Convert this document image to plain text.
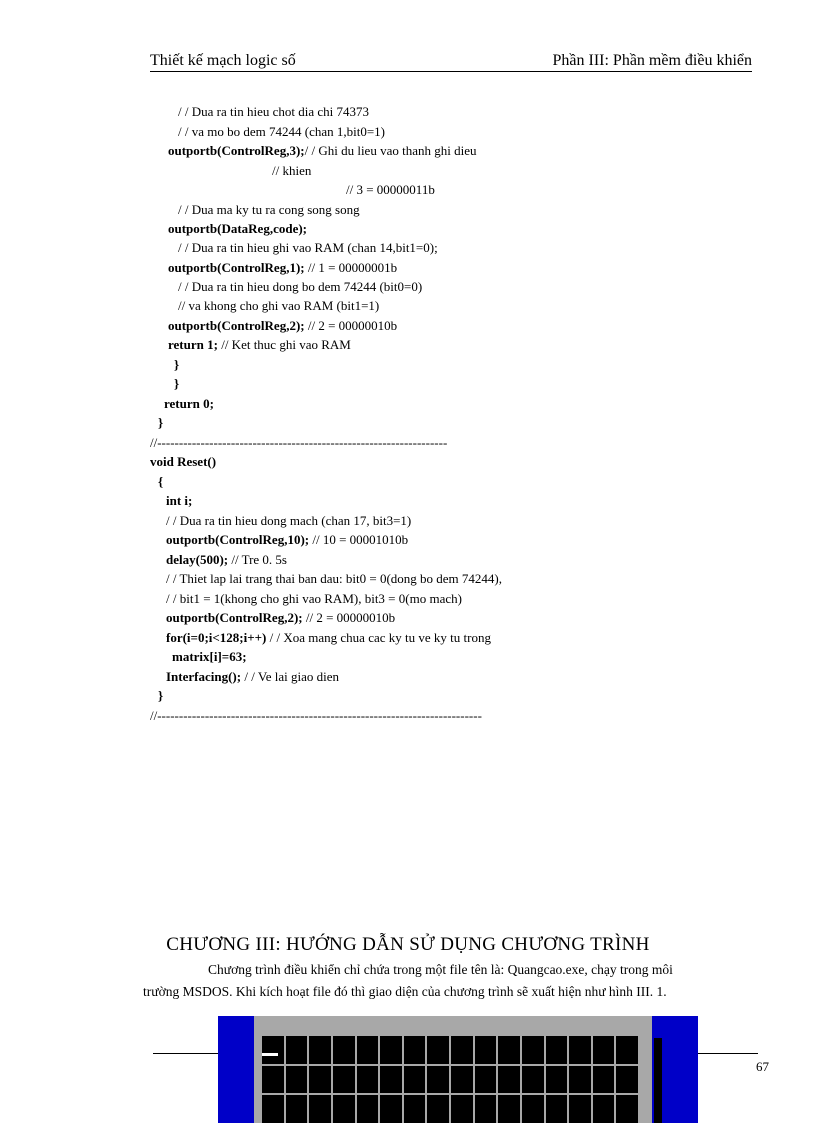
Thiết kế mạch logic số	Phần III: Phần mềm điều khiển
/ / Dua ra tin hieu chot dia chi 74373
/ / va mo bo dem 74244 (chan 1,bit0=1)
outportb(ControlReg,3);/ / Ghi du lieu vao thanh ghi dieu
// khien
// 3 = 00000011b
/ / Dua ma ky tu ra cong song song
outportb(DataReg,code);
/ / Dua ra tin hieu ghi vao RAM (chan 14,bit1=0);
outportb(ControlReg,1); // 1 = 00000001b
/ / Dua ra tin hieu dong bo dem 74244 (bit0=0)
// va khong cho ghi vao RAM (bit1=1)
outportb(ControlReg,2); // 2 = 00000010b
return 1; // Ket thuc ghi vao RAM
}
}
return 0;
}
//-------------------------------------------------------------------
void Reset()
{
int i;
/ / Dua ra tin hieu dong mach (chan 17, bit3=1)
outportb(ControlReg,10); // 10 = 00001010b
delay(500); // Tre 0. 5s
/ / Thiet lap lai trang thai ban dau: bit0 = 0(dong bo dem 74244),
/ / bit1 = 1(khong cho ghi vao RAM), bit3 = 0(mo mach)
outportb(ControlReg,2); // 2 = 00000010b
for(i=0;i<128;i++) / / Xoa mang chua cac ky tu ve ky tu trong
matrix[i]=63;
Interfacing(); / / Ve lai giao dien
}
//---------------------------------------------------------------------------
CHƯƠNG III: HƯỚNG DẪN SỬ DỤNG CHƯƠNG TRÌNH
Chương trình điều khiển chỉ chứa trong một file tên là: Quangcao.exe, chạy trong môi
trường MSDOS. Khi kích hoạt file đó thì giao diện của chương trình sẽ xuất hiện như hình III. 1.
67
